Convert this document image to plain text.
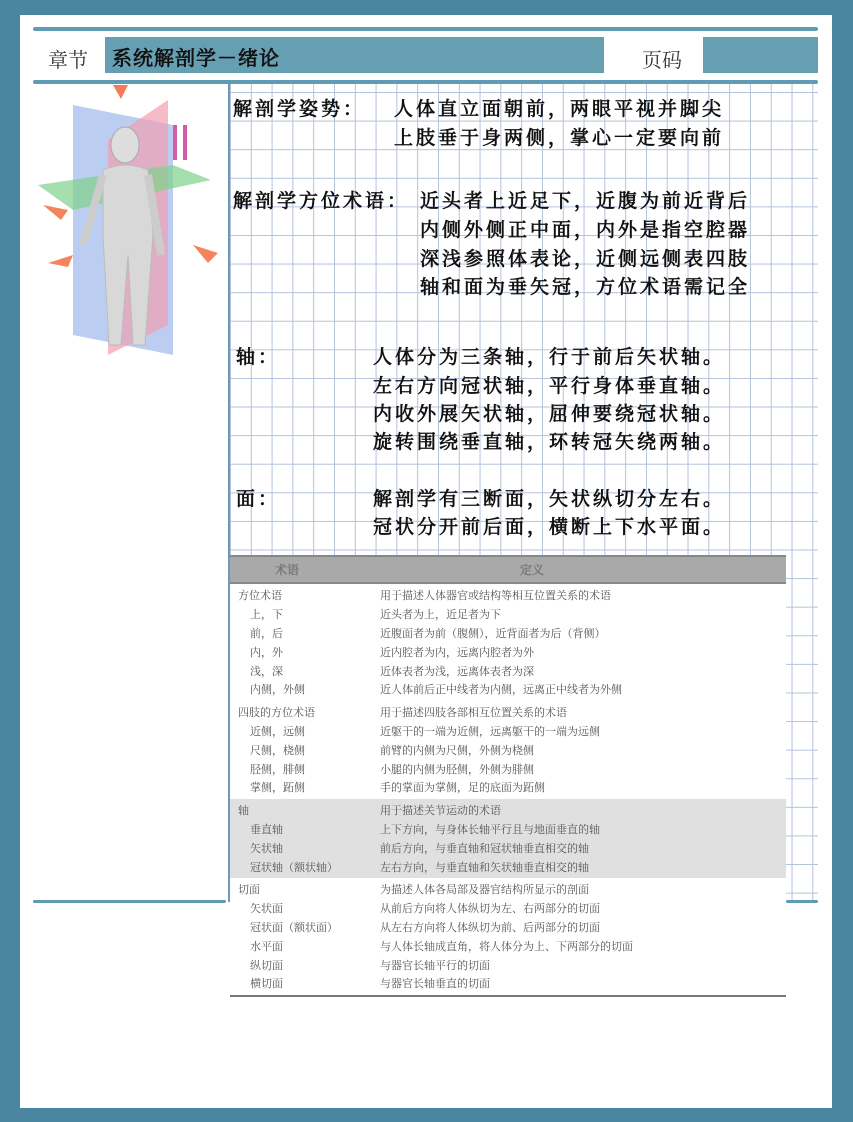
章节 系统解剖学－绪论	页码
解剖学姿势： 人体直立面朝前，两眼平视并脚尖
上肢垂于身两侧，掌心一定要向前
解剖学方位术语： 近头者上近足下，近腹为前近背后
内侧外侧正中面，内外是指空腔器
深浅参照体表论，近侧远侧表四肢
轴和面为垂矢冠，方位术语需记全
轴：	人体分为三条轴，行于前后矢状轴。
左右方向冠状轴，平行身体垂直轴。
内收外展矢状轴，屈伸要绕冠状轴。
旋转围绕垂直轴，环转冠矢绕两轴。
面：	解剖学有三断面，矢状纵切分左右。
冠状分开前后面，横断上下水平面。
术语	定义
方位术语	用于描述人体器官或结构等相互位置关系的术语
上，下	近头者为上，近足者为下
前，后	近腹面者为前（腹侧），近背面者为后（背侧）
内，外	近内腔者为内，远离内腔者为外
浅，深	近体表者为浅，远离体表者为深
内侧，外侧	近人体前后正中线者为内侧，远离正中线者为外侧
四肢的方位术语	用于描述四肢各部相互位置关系的术语
近侧，远侧	近躯干的一端为近侧，远离躯干的一端为远侧
尺侧，桡侧	前臂的内侧为尺侧，外侧为桡侧
胫侧，腓侧	小腿的内侧为胫侧，外侧为腓侧
掌侧，跖侧	手的掌面为掌侧，足的底面为跖侧
轴	用于描述关节运动的术语
垂直轴	上下方向，与身体长轴平行且与地面垂直的轴
矢状轴	前后方向，与垂直轴和冠状轴垂直相交的轴
冠状轴（额状轴）	左右方向，与垂直轴和矢状轴垂直相交的轴
切面	为描述人体各局部及器官结构所显示的剖面
矢状面	从前后方向将人体纵切为左、右两部分的切面
冠状面（额状面）	从左右方向将人体纵切为前、后两部分的切面
水平面	与人体长轴成直角，将人体分为上、下两部分的切面
纵切面	与器官长轴平行的切面
横切面	与器官长轴垂直的切面
